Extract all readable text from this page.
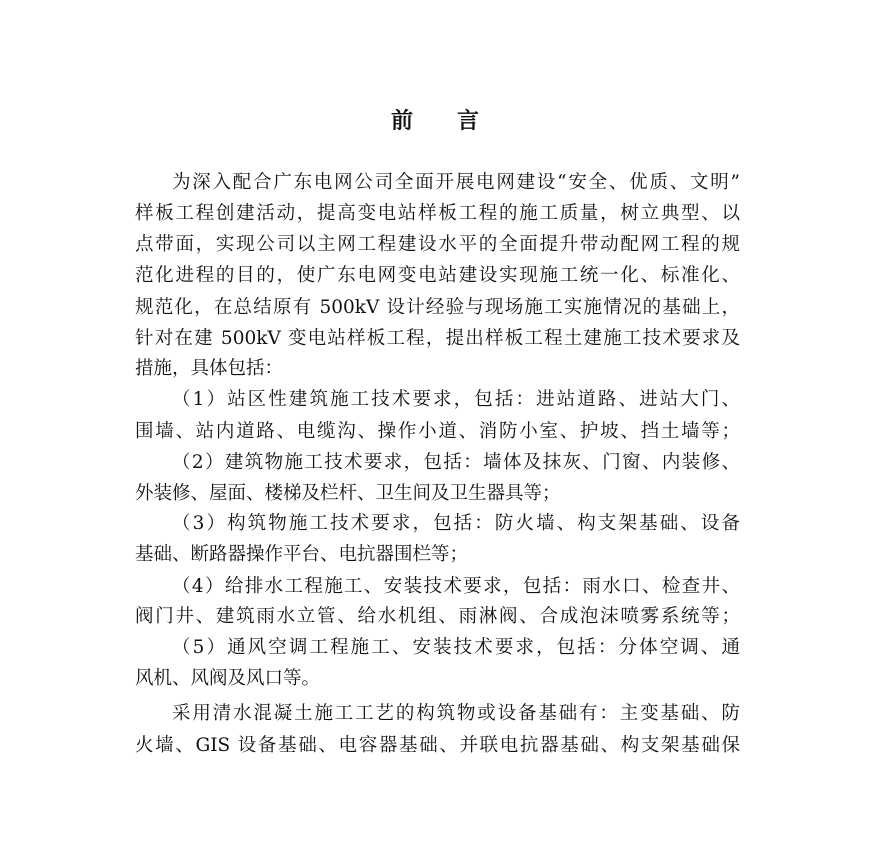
前言
为深入配合广东电网公司全面开展电网建设“安全、优质、文明”
样板工程创建活动，提高变电站样板工程的施工质量，树立典型、以
点带面，实现公司以主网工程建设水平的全面提升带动配网工程的规
范化进程的目的，使广东电网变电站建设实现施工统一化、标准化、
规范化，在总结原有 500kV 设计经验与现场施工实施情况的基础上，
针对在建 500kV 变电站样板工程，提出样板工程土建施工技术要求及
措施，具体包括：
（1）站区性建筑施工技术要求，包括：进站道路、进站大门、
围墙、站内道路、电缆沟、操作小道、消防小室、护坡、挡土墙等；
（2）建筑物施工技术要求，包括：墙体及抹灰、门窗、内装修、
外装修、屋面、楼梯及栏杆、卫生间及卫生器具等；
（3）构筑物施工技术要求，包括：防火墙、构支架基础、设备
基础、断路器操作平台、电抗器围栏等；
（4）给排水工程施工、安装技术要求，包括：雨水口、检查井、
阀门井、建筑雨水立管、给水机组、雨淋阀、合成泡沫喷雾系统等；
（5）通风空调工程施工、安装技术要求，包括：分体空调、通
风机、风阀及风口等。
采用清水混凝土施工工艺的构筑物或设备基础有：主变基础、防
火墙、GIS 设备基础、电容器基础、并联电抗器基础、构支架基础保
